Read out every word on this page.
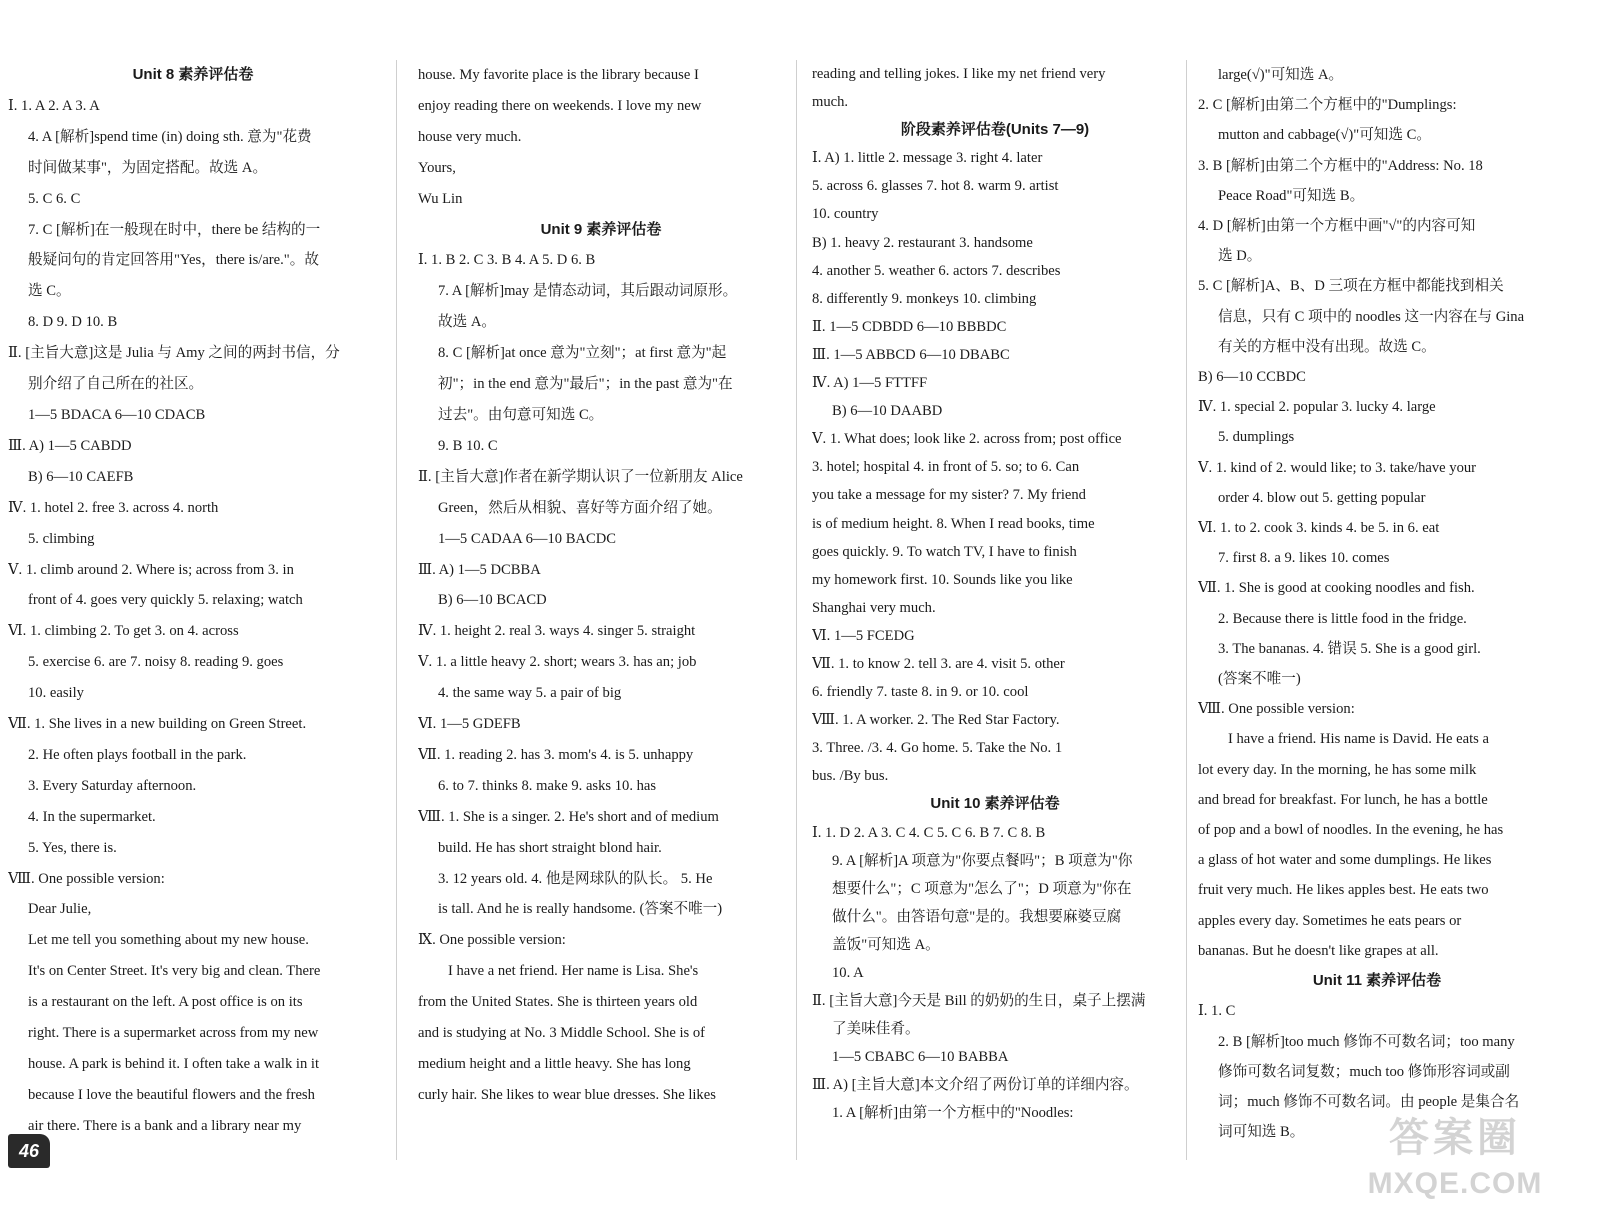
Unit 8 素养评估卷
Ⅰ. 1. A 2. A 3. A
4. A [解析]spend time (in) doing sth. 意为"花费
时间做某事"，为固定搭配。故选 A。
5. C 6. C
7. C [解析]在一般现在时中，there be 结构的一
般疑问句的肯定回答用"Yes，there is/are."。故
选 C。
8. D 9. D 10. B
Ⅱ. [主旨大意]这是 Julia 与 Amy 之间的两封书信，分
别介绍了自己所在的社区。
1—5 BDACA 6—10 CDACB
Ⅲ. A) 1—5 CABDD
B) 6—10 CAEFB
Ⅳ. 1. hotel 2. free 3. across 4. north
5. climbing
Ⅴ. 1. climb around 2. Where is; across from 3. in
front of 4. goes very quickly 5. relaxing; watch
Ⅵ. 1. climbing 2. To get 3. on 4. across
5. exercise 6. are 7. noisy 8. reading 9. goes
10. easily
Ⅶ. 1. She lives in a new building on Green Street.
2. He often plays football in the park.
3. Every Saturday afternoon.
4. In the supermarket.
5. Yes, there is.
Ⅷ. One possible version:
Dear Julie,
Let me tell you something about my new house.
It's on Center Street. It's very big and clean. There
is a restaurant on the left. A post office is on its
right. There is a supermarket across from my new
house. A park is behind it. I often take a walk in it
because I love the beautiful flowers and the fresh
air there. There is a bank and a library near my
house. My favorite place is the library because I
enjoy reading there on weekends. I love my new
house very much.
Yours,
Wu Lin
Unit 9 素养评估卷
Ⅰ. 1. B 2. C 3. B 4. A 5. D 6. B
7. A [解析]may 是情态动词，其后跟动词原形。
故选 A。
8. C [解析]at once 意为"立刻"；at first 意为"起
初"；in the end 意为"最后"；in the past 意为"在
过去"。由句意可知选 C。
9. B 10. C
Ⅱ. [主旨大意]作者在新学期认识了一位新朋友 Alice
Green，然后从相貌、喜好等方面介绍了她。
1—5 CADAA 6—10 BACDC
Ⅲ. A) 1—5 DCBBA
B) 6—10 BCACD
Ⅳ. 1. height 2. real 3. ways 4. singer 5. straight
Ⅴ. 1. a little heavy 2. short; wears 3. has an; job
4. the same way 5. a pair of big
Ⅵ. 1—5 GDEFB
Ⅶ. 1. reading 2. has 3. mom's 4. is 5. unhappy
6. to 7. thinks 8. make 9. asks 10. has
Ⅷ. 1. She is a singer. 2. He's short and of medium
build. He has short straight blond hair.
3. 12 years old. 4. 他是网球队的队长。 5. He
is tall. And he is really handsome. (答案不唯一)
Ⅸ. One possible version:
I have a net friend. Her name is Lisa. She's
from the United States. She is thirteen years old
and is studying at No. 3 Middle School. She is of
medium height and a little heavy. She has long
curly hair. She likes to wear blue dresses. She likes
reading and telling jokes. I like my net friend very
much.
阶段素养评估卷(Units 7—9)
Ⅰ. A) 1. little 2. message 3. right 4. later
5. across 6. glasses 7. hot 8. warm 9. artist
10. country
B) 1. heavy 2. restaurant 3. handsome
4. another 5. weather 6. actors 7. describes
8. differently 9. monkeys 10. climbing
Ⅱ. 1—5 CDBDD 6—10 BBBDC
Ⅲ. 1—5 ABBCD 6—10 DBABC
Ⅳ. A) 1—5 FTTFF
B) 6—10 DAABD
Ⅴ. 1. What does; look like 2. across from; post office
3. hotel; hospital 4. in front of 5. so; to 6. Can
you take a message for my sister? 7. My friend
is of medium height. 8. When I read books, time
goes quickly. 9. To watch TV, I have to finish
my homework first. 10. Sounds like you like
Shanghai very much.
Ⅵ. 1—5 FCEDG
Ⅶ. 1. to know 2. tell 3. are 4. visit 5. other
6. friendly 7. taste 8. in 9. or 10. cool
Ⅷ. 1. A worker. 2. The Red Star Factory.
3. Three. /3. 4. Go home. 5. Take the No. 1
bus. /By bus.
Unit 10 素养评估卷
Ⅰ. 1. D 2. A 3. C 4. C 5. C 6. B 7. C 8. B
9. A [解析]A 项意为"你要点餐吗"；B 项意为"你
想要什么"；C 项意为"怎么了"；D 项意为"你在
做什么"。由答语句意"是的。我想要麻婆豆腐
盖饭"可知选 A。
10. A
Ⅱ. [主旨大意]今天是 Bill 的奶奶的生日，桌子上摆满
了美味佳肴。
1—5 CBABC 6—10 BABBA
Ⅲ. A) [主旨大意]本文介绍了两份订单的详细内容。
1. A [解析]由第一个方框中的"Noodles:
large(√)"可知选 A。
2. C [解析]由第二个方框中的"Dumplings:
mutton and cabbage(√)"可知选 C。
3. B [解析]由第二个方框中的"Address: No. 18
Peace Road"可知选 B。
4. D [解析]由第一个方框中画"√"的内容可知
选 D。
5. C [解析]A、B、D 三项在方框中都能找到相关
信息，只有 C 项中的 noodles 这一内容在与 Gina
有关的方框中没有出现。故选 C。
B) 6—10 CCBDC
Ⅳ. 1. special 2. popular 3. lucky 4. large
5. dumplings
Ⅴ. 1. kind of 2. would like; to 3. take/have your
order 4. blow out 5. getting popular
Ⅵ. 1. to 2. cook 3. kinds 4. be 5. in 6. eat
7. first 8. a 9. likes 10. comes
Ⅶ. 1. She is good at cooking noodles and fish.
2. Because there is little food in the fridge.
3. The bananas. 4. 错误 5. She is a good girl.
(答案不唯一)
Ⅷ. One possible version:
I have a friend. His name is David. He eats a
lot every day. In the morning, he has some milk
and bread for breakfast. For lunch, he has a bottle
of pop and a bowl of noodles. In the evening, he has
a glass of hot water and some dumplings. He likes
fruit very much. He likes apples best. He eats two
apples every day. Sometimes he eats pears or
bananas. But he doesn't like grapes at all.
Unit 11 素养评估卷
Ⅰ. 1. C
2. B [解析]too much 修饰不可数名词；too many
修饰可数名词复数；much too 修饰形容词或副
词；much 修饰不可数名词。由 people 是集合名
词可知选 B。
46	答案圈
MXQE.COM
